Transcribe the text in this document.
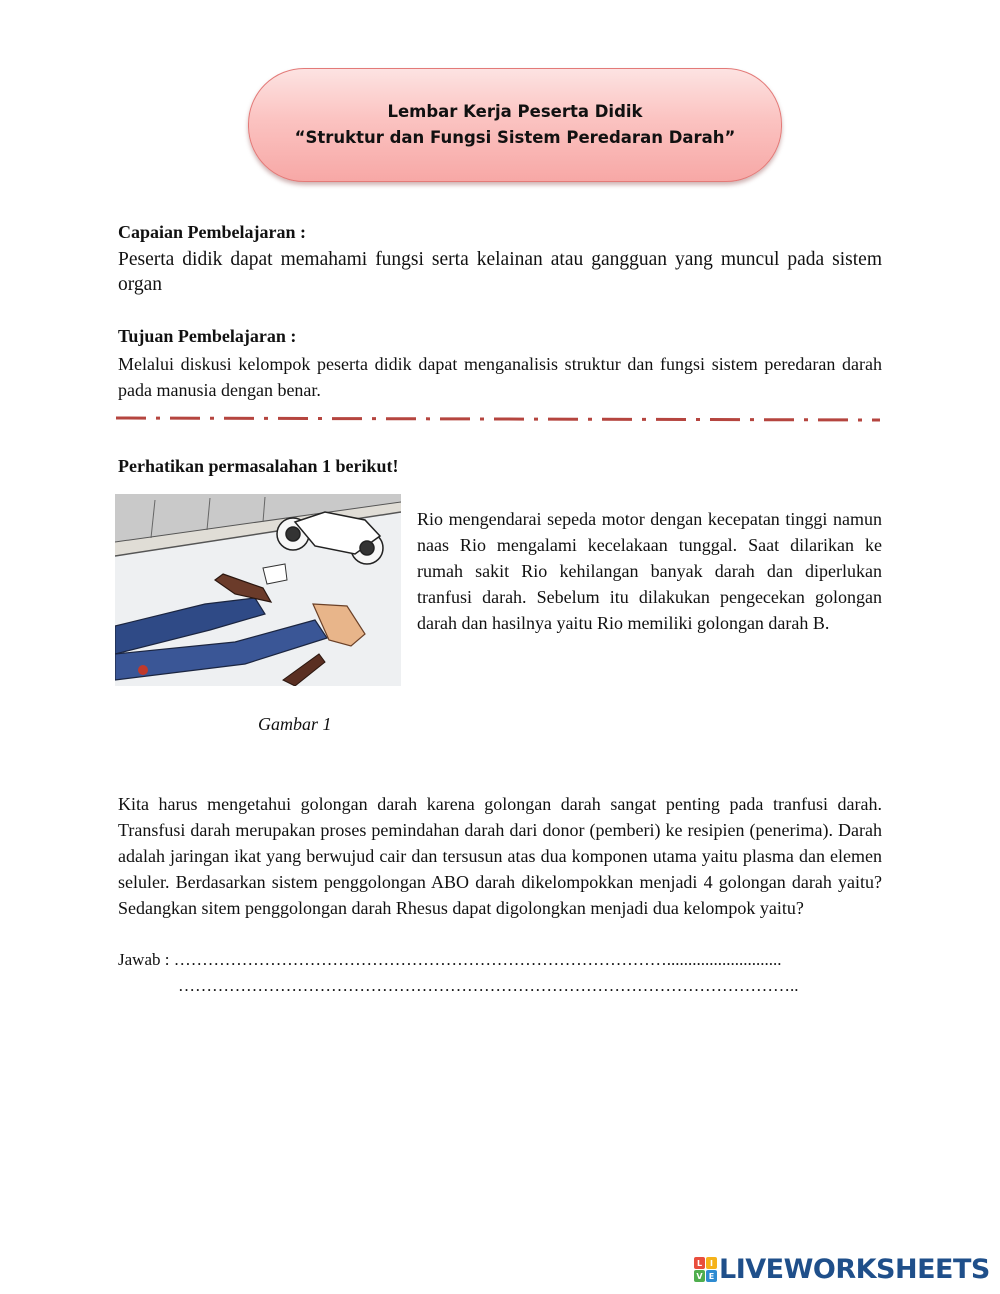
Lembar Kerja Peserta Didik
“Struktur dan Fungsi Sistem Peredaran Darah”
Capaian Pembelajaran :
Peserta didik dapat memahami fungsi serta kelainan atau gangguan yang muncul pada sistem organ
Tujuan Pembelajaran :
Melalui diskusi kelompok peserta didik dapat menganalisis struktur dan fungsi sistem peredaran darah pada manusia dengan benar.
Perhatikan permasalahan 1 berikut!
Rio mengendarai sepeda motor dengan kecepatan tinggi namun naas Rio mengalami kecelakaan tunggal. Saat dilarikan ke rumah sakit Rio kehilangan banyak darah dan diperlukan tranfusi darah. Sebelum itu dilakukan pengecekan golongan darah dan hasilnya yaitu Rio memiliki golongan darah B.
Gambar 1
Kita harus mengetahui golongan darah karena golongan darah sangat penting pada tranfusi darah. Transfusi darah merupakan proses pemindahan darah dari donor (pemberi) ke resipien (penerima). Darah adalah jaringan ikat yang berwujud cair dan tersusun atas dua komponen utama yaitu plasma dan elemen seluler. Berdasarkan sistem penggolongan ABO darah dikelompokkan menjadi 4 golongan darah yaitu? Sedangkan sitem penggolongan darah Rhesus dapat digolongkan menjadi dua kelompok yaitu?
Jawab : ……………………………………………………………………………...........................
………………………………………………………………………………………………..
L I
V E LIVEWORKSHEETS
